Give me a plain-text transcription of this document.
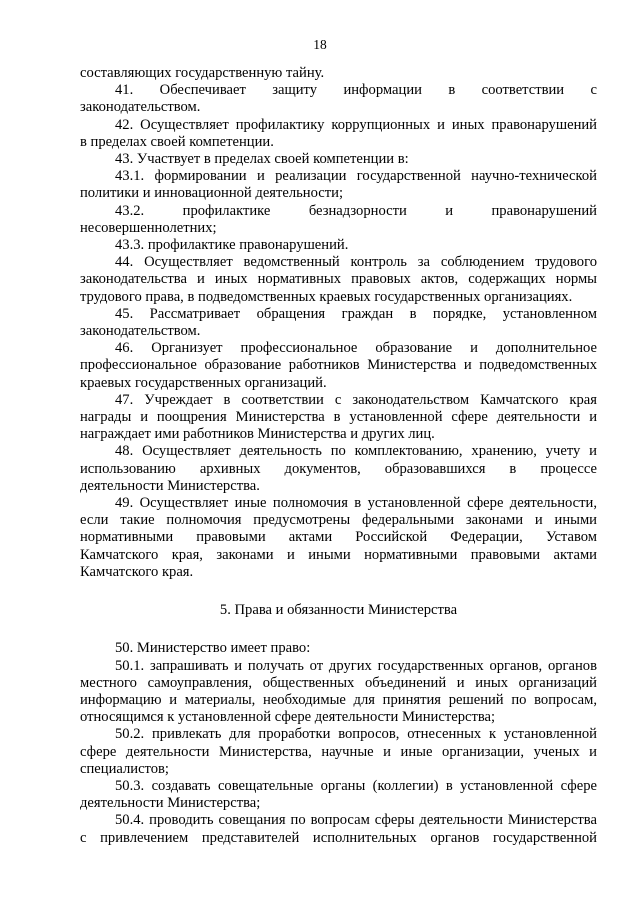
18

составляющих государственную тайну.

41. Обеспечивает защиту информации в соответствии с

законодательством.

42. Осуществляет профилактику коррупционных и иных правонарушений

в пределах своей компетенции.

43. Участвует в пределах своей компетенции в:

43.1. формировании и реализации государственной научно-технической

политики и инновационной деятельности;

43.2. профилактике безнадзорности и правонарушений

несовершеннолетних;

43.3. профилактике правонарушений.

44. Осуществляет ведомственный контроль за соблюдением трудового

законодательства и иных нормативных правовых актов, содержащих нормы

трудового права, в подведомственных краевых государственных организациях.

45. Рассматривает обращения граждан в порядке, установленном

законодательством.

46. Организует профессиональное образование и дополнительное

профессиональное образование работников Министерства и подведомственных

краевых государственных организаций.

47. Учреждает в соответствии с законодательством Камчатского края

награды и поощрения Министерства в установленной сфере деятельности и

награждает ими работников Министерства и других лиц.

48. Осуществляет деятельность по комплектованию, хранению, учету и

использованию архивных документов, образовавшихся в процессе

деятельности Министерства.

49. Осуществляет иные полномочия в установленной сфере деятельности,

если такие полномочия предусмотрены федеральными законами и иными

нормативными правовыми актами Российской Федерации, Уставом

Камчатского края, законами и иными нормативными правовыми актами

Камчатского края.

5. Права и обязанности Министерства

50. Министерство имеет право:

50.1. запрашивать и получать от других государственных органов, органов

местного самоуправления, общественных объединений и иных организаций

информацию и материалы, необходимые для принятия решений по вопросам,

относящимся к установленной сфере деятельности Министерства;

50.2. привлекать для проработки вопросов, отнесенных к установленной

сфере деятельности Министерства, научные и иные организации, ученых и

специалистов;

50.3. создавать совещательные органы (коллегии) в установленной сфере

деятельности Министерства;

50.4. проводить совещания по вопросам сферы деятельности Министерства

с привлечением представителей исполнительных органов государственной
